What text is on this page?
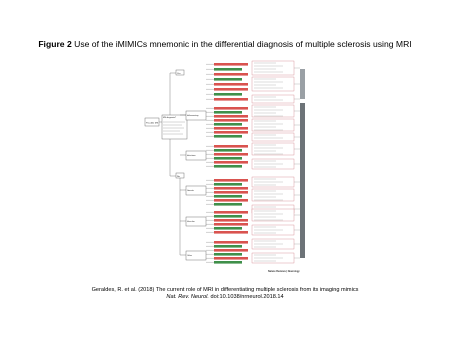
Figure 2 Use of the iMIMICs mnemonic in the differential diagnosis of multiple sclerosis using MRI
Possible MS
MS diagnosis?
Yes
No
Inflammatory
Infections
Genetic
Vascular
Other
Nature Reviews | Neurology
Geraldes, R. et al. (2018) The current role of MRI in differentiating multiple sclerosis from its imaging mimics
Nat. Rev. Neurol. doi:10.1038/nrneurol.2018.14
